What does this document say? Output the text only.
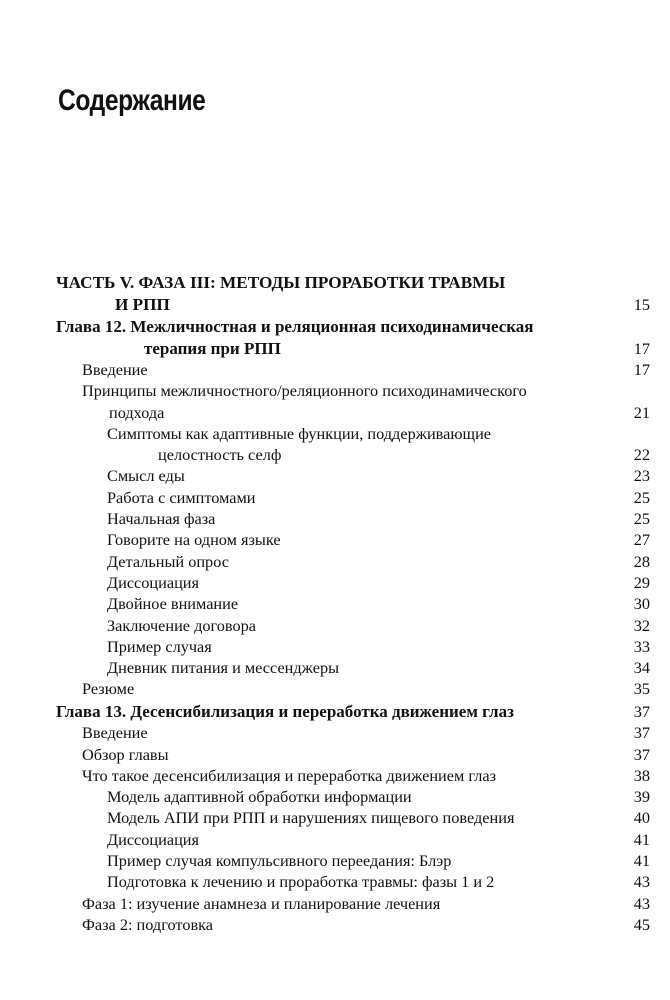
Содержание
ЧАСТЬ V. ФАЗА III: МЕТОДЫ ПРОРАБОТКИ ТРАВМЫ
И РПП	15
Глава 12. Межличностная и реляционная психодинамическая
терапия при РПП	17
Введение	17
Принципы межличностного/реляционного психодинамического
подхода	21
Симптомы как адаптивные функции, поддерживающие
целостность селф	22
Смысл еды	23
Работа с симптомами	25
Начальная фаза	25
Говорите на одном языке	27
Детальный опрос	28
Диссоциация	29
Двойное внимание	30
Заключение договора	32
Пример случая	33
Дневник питания и мессенджеры	34
Резюме	35
Глава 13. Десенсибилизация и переработка движением глаз	37
Введение	37
Обзор главы	37
Что такое десенсибилизация и переработка движением глаз	38
Модель адаптивной обработки информации	39
Модель АПИ при РПП и нарушениях пищевого поведения	40
Диссоциация	41
Пример случая компульсивного переедания: Блэр	41
Подготовка к лечению и проработка травмы: фазы 1 и 2	43
Фаза 1: изучение анамнеза и планирование лечения	43
Фаза 2: подготовка	45
